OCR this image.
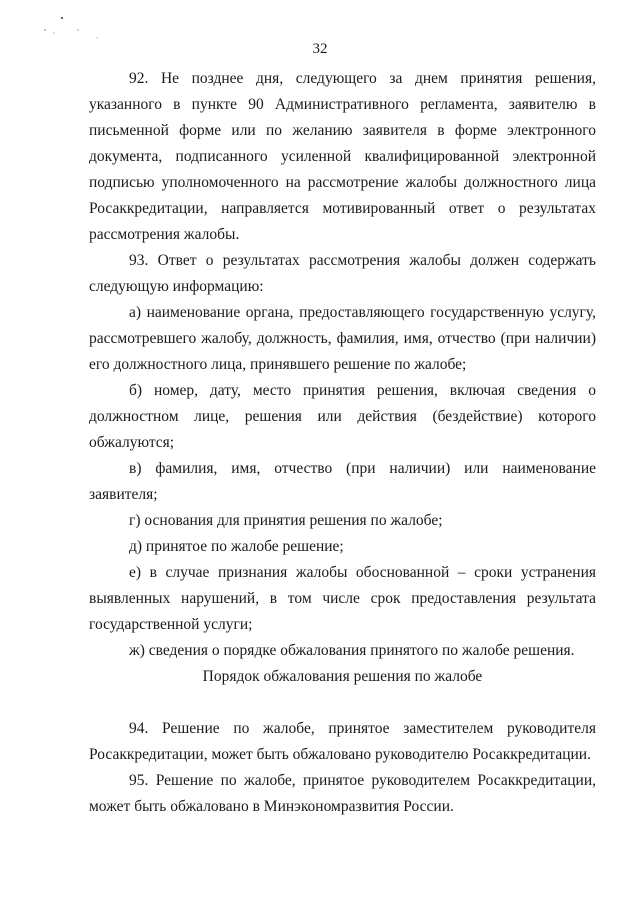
32

92. Не позднее дня, следующего за днем принятия решения, указанного в пункте 90 Административного регламента, заявителю в письменной форме или по желанию заявителя в форме электронного документа, подписанного усиленной квалифицированной электронной подписью уполномоченного на рассмотрение жалобы должностного лица Росаккредитации, направляется мотивированный ответ о результатах рассмотрения жалобы.

93. Ответ о результатах рассмотрения жалобы должен содержать следующую информацию:

а) наименование органа, предоставляющего государственную услугу, рассмотревшего жалобу, должность, фамилия, имя, отчество (при наличии) его должностного лица, принявшего решение по жалобе;

б) номер, дату, место принятия решения, включая сведения о должностном лице, решения или действия (бездействие) которого обжалуются;

в) фамилия, имя, отчество (при наличии) или наименование заявителя;

г) основания для принятия решения по жалобе;

д) принятое по жалобе решение;

е) в случае признания жалобы обоснованной – сроки устранения выявленных нарушений, в том числе срок предоставления результата государственной услуги;

ж) сведения о порядке обжалования принятого по жалобе решения.

Порядок обжалования решения по жалобе

94. Решение по жалобе, принятое заместителем руководителя Росаккредитации, может быть обжаловано руководителю Росаккредитации.

95. Решение по жалобе, принятое руководителем Росаккредитации, может быть обжаловано в Минэкономразвития России.
